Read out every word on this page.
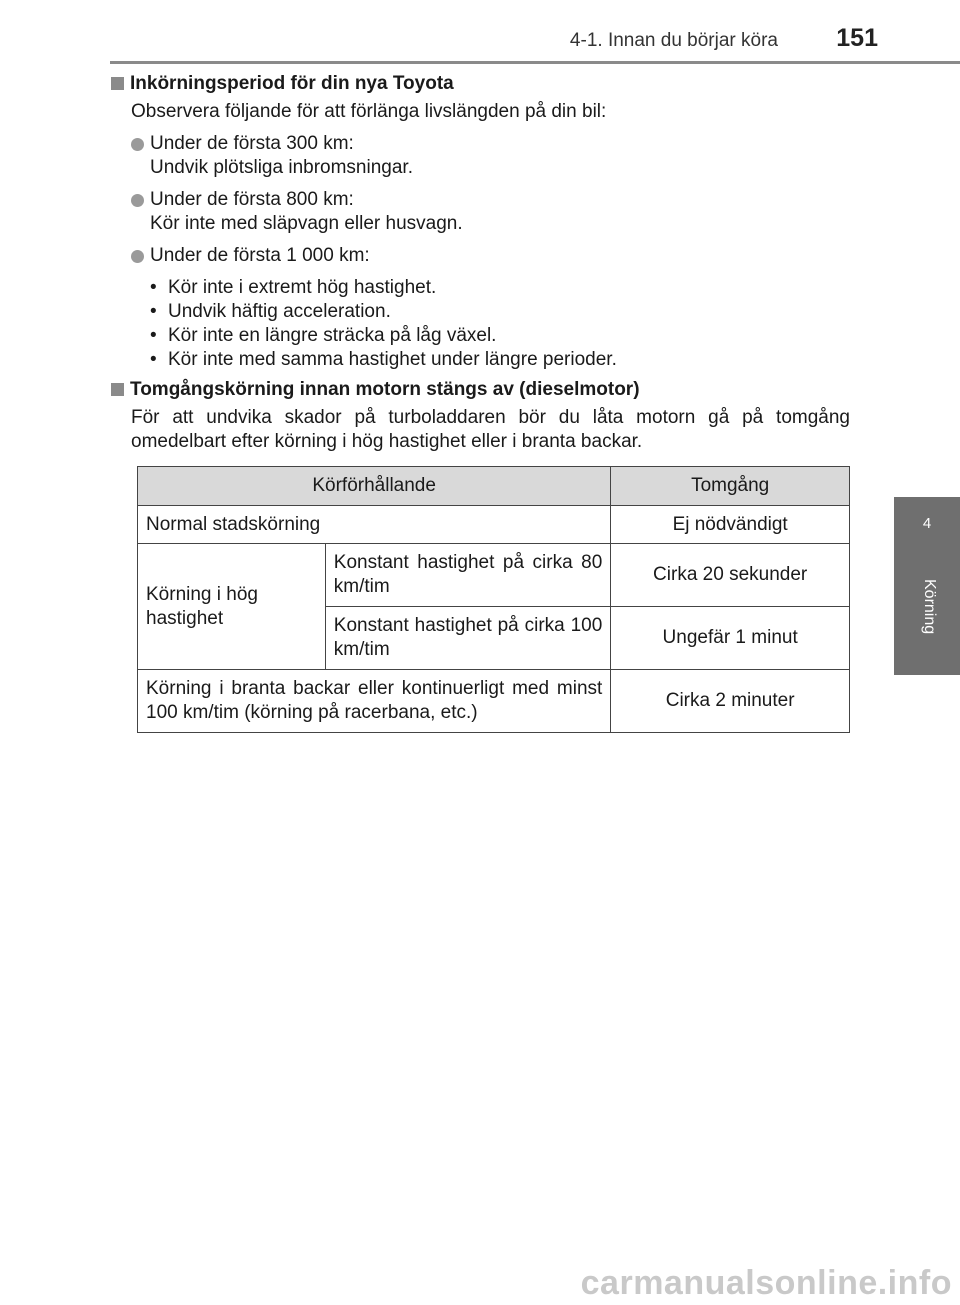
4-1. Innan du börjar köra 151
4
Körning
Inkörningsperiod för din nya Toyota
Observera följande för att förlänga livslängden på din bil:
Under de första 300 km:
Undvik plötsliga inbromsningar.
Under de första 800 km:
Kör inte med släpvagn eller husvagn.
Under de första 1 000 km:
• Kör inte i extremt hög hastighet.
• Undvik häftig acceleration.
• Kör inte en längre sträcka på låg växel.
• Kör inte med samma hastighet under längre perioder.
Tomgångskörning innan motorn stängs av (dieselmotor)
För att undvika skador på turboladdaren bör du låta motorn gå på tomgång omedelbart efter körning i hög hastighet eller i branta backar.
Körförhållande		Tomgång
Normal stadskörning		Ej nödvändigt
Körning i hög hastighet	Konstant hastighet på cirka 80 km/tim	Cirka 20 sekunder
	Konstant hastighet på cirka 100 km/tim	Ungefär 1 minut
Körning i branta backar eller kontinuerligt med minst 100 km/tim (körning på racerbana, etc.)		Cirka 2 minuter
carmanualsonline.info
